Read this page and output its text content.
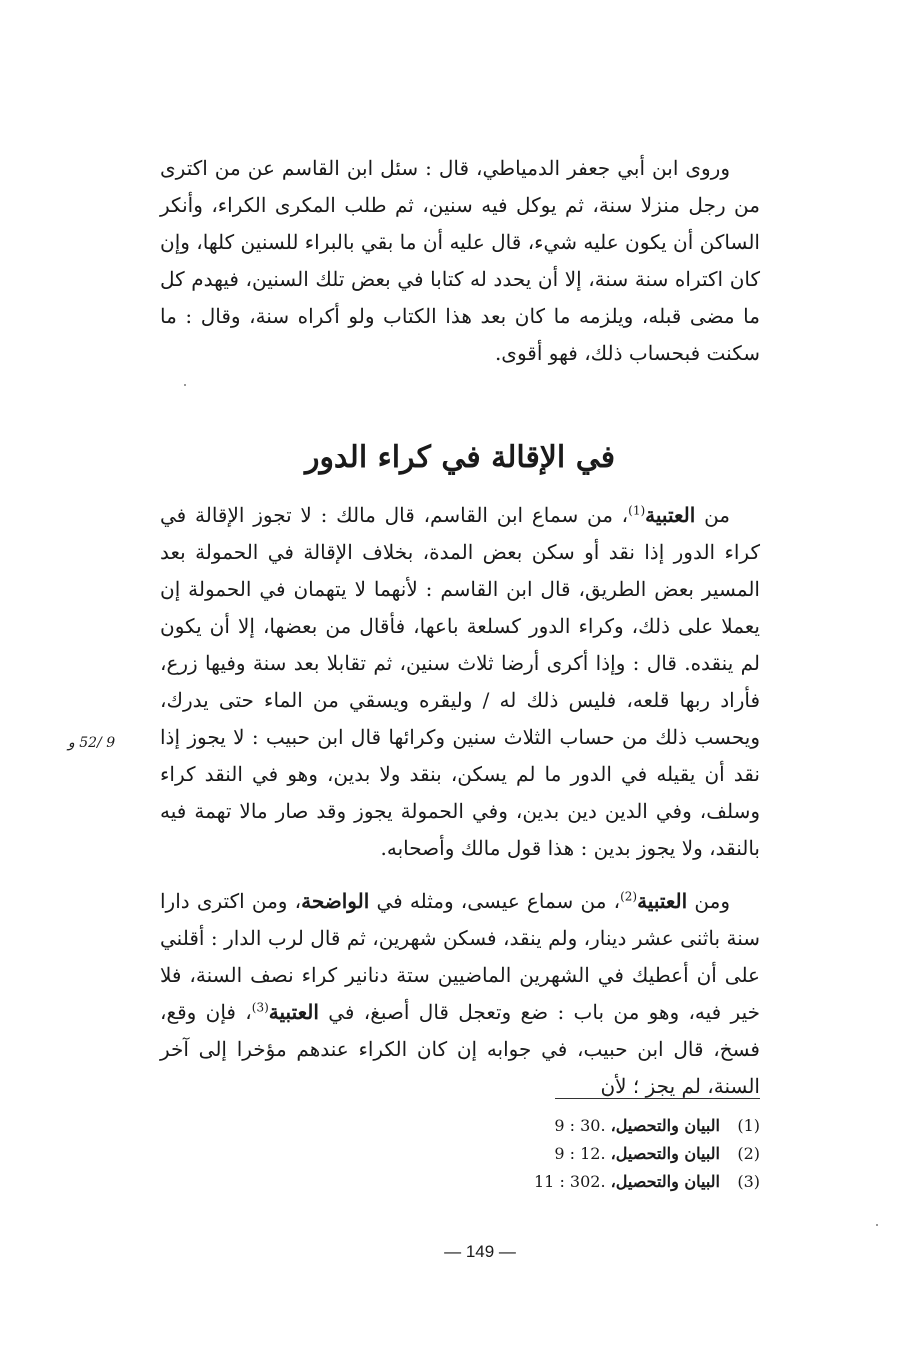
وروى ابن أبي جعفر الدمياطي، قال : سئل ابن القاسم عن من اكترى من رجل منزلا سنة، ثم يوكل فيه سنين، ثم طلب المكرى الكراء، وأنكر الساكن أن يكون عليه شيء، قال عليه أن ما بقي بالبراء للسنين كلها، وإن كان اكتراه سنة سنة، إلا أن يحدد له كتابا في بعض تلك السنين، فيهدم كل ما مضى قبله، ويلزمه ما كان بعد هذا الكتاب ولو أكراه سنة، وقال : ما سكنت فبحساب ذلك، فهو أقوى.

في الإقالة في كراء الدور

من العتبية$^{(1)}$، من سماع ابن القاسم، قال مالك : لا تجوز الإقالة في كراء الدور إذا نقد أو سكن بعض المدة، بخلاف الإقالة في الحمولة بعد المسير بعض الطريق، قال ابن القاسم : لأنهما لا يتهمان في الحمولة إن يعملا على ذلك، وكراء الدور كسلعة باعها، فأقال من بعضها، إلا أن يكون لم ينقده. قال : وإذا أكرى أرضا ثلاث سنين، ثم تقابلا بعد سنة وفيها زرع، فأراد ربها قلعه، فليس ذلك له / وليقره ويسقي من الماء حتى يدرك، ويحسب ذلك من حساب الثلاث سنين وكرائها قال ابن حبيب : لا يجوز إذا نقد أن يقيله في الدور ما لم يسكن، بنقد ولا بدين، وهو في النقد كراء وسلف، وفي الدين دين بدين، وفي الحمولة يجوز وقد صار مالا تهمة فيه بالنقد، ولا يجوز بدين : هذا قول مالك وأصحابه.

9 /52 و

ومن العتبية$^{(2)}$، من سماع عيسى، ومثله في الواضحة، ومن اكترى دارا سنة باثنى عشر دينار، ولم ينقد، فسكن شهرين، ثم قال لرب الدار : أقلني على أن أعطيك في الشهرين الماضيين ستة دنانير كراء نصف السنة، فلا خير فيه، وهو من باب : ضع وتعجل قال أصبغ، في العتبية$^{(3)}$، فإن وقع، فسخ، قال ابن حبيب، في جوابه إن كان الكراء عندهم مؤخرا إلى آخر السنة، لم يجز ؛ لأن

(1)البيان والتحصيل، 9 : 30.
(2)البيان والتحصيل، 9 : 12.
(3)البيان والتحصيل، 11 : 302.
— 149 —
